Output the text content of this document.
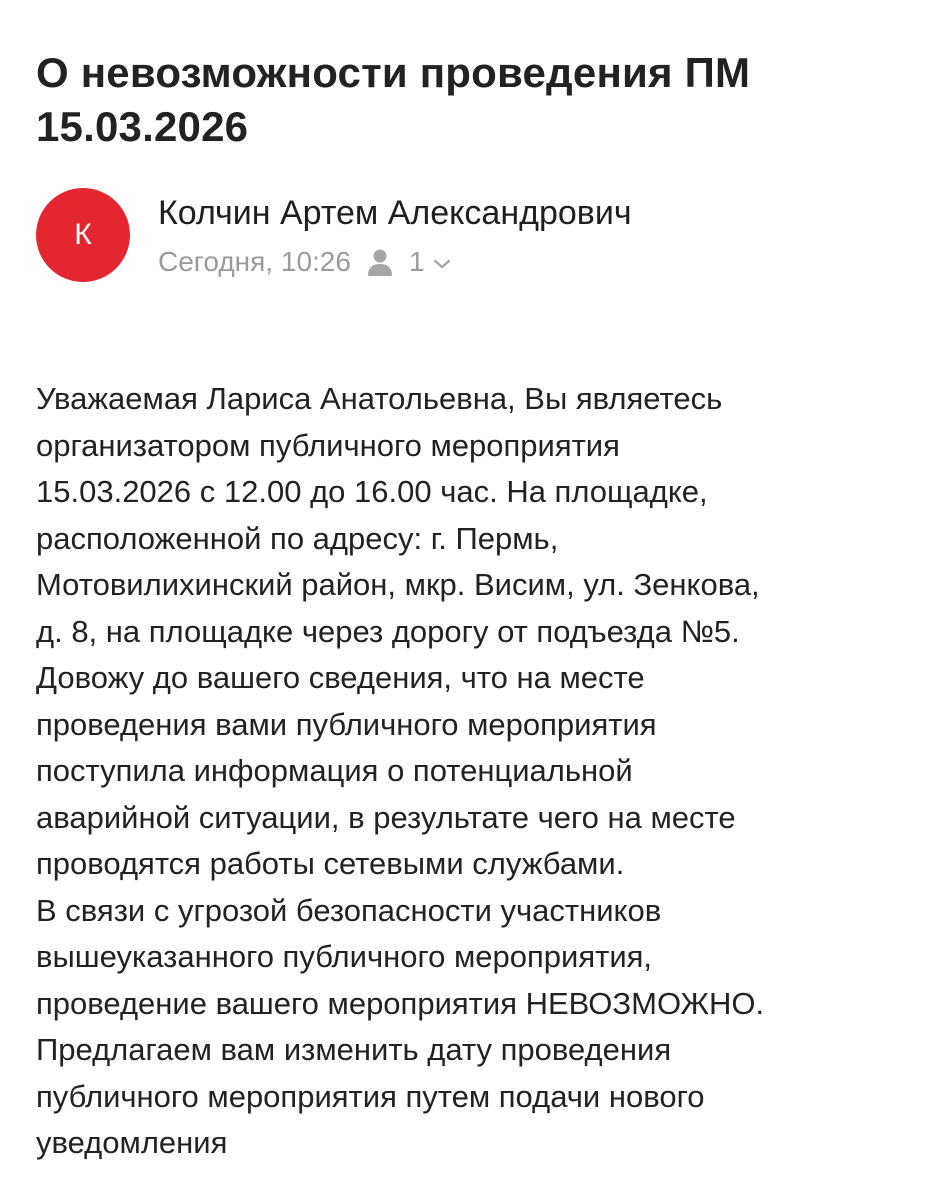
О невозможности проведения ПМ
15.03.2026
К
Колчин Артем Александрович
Сегодня, 10:26 1
Уважаемая Лариса Анатольевна, Вы являетесь
организатором публичного мероприятия
15.03.2026 с 12.00 до 16.00 час. На площадке,
расположенной по адресу: г. Пермь,
Мотовилихинский район, мкр. Висим, ул. Зенкова,
д. 8, на площадке через дорогу от подъезда №5.
Довожу до вашего сведения, что на месте
проведения вами публичного мероприятия
поступила информация о потенциальной
аварийной ситуации, в результате чего на месте
проводятся работы сетевыми службами.
В связи с угрозой безопасности участников
вышеуказанного публичного мероприятия,
проведение вашего мероприятия НЕВОЗМОЖНО.
Предлагаем вам изменить дату проведения
публичного мероприятия путем подачи нового
уведомления
